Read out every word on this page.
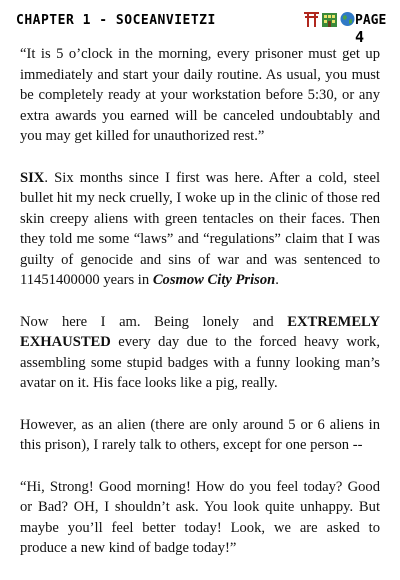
CHAPTER 1 - SOCEANVIETZI	PAGE 4

“It is 5 o’clock in the morning, every prisoner must get up immediately and start your daily routine. As usual, you must be completely ready at your workstation before 5:30, or any extra awards you earned will be canceled undoubtably and you may get killed for unauthorized rest.”

SIX. Six months since I first was here. After a cold, steel bullet hit my neck cruelly, I woke up in the clinic of those red skin creepy aliens with green tentacles on their faces. Then they told me some “laws” and “regulations” claim that I was guilty of genocide and sins of war and was sentenced to 11451400000 years in Cosmow City Prison.

Now here I am. Being lonely and EXTREMELY EXHAUSTED every day due to the forced heavy work, assembling some stupid badges with a funny looking man’s avatar on it. His face looks like a pig, really.

However, as an alien (there are only around 5 or 6 aliens in this prison), I rarely talk to others, except for one person --

“Hi, Strong! Good morning! How do you feel today? Good or Bad? OH, I shouldn’t ask. You look quite unhappy. But maybe you’ll feel better today! Look, we are asked to produce a new kind of badge today!”
